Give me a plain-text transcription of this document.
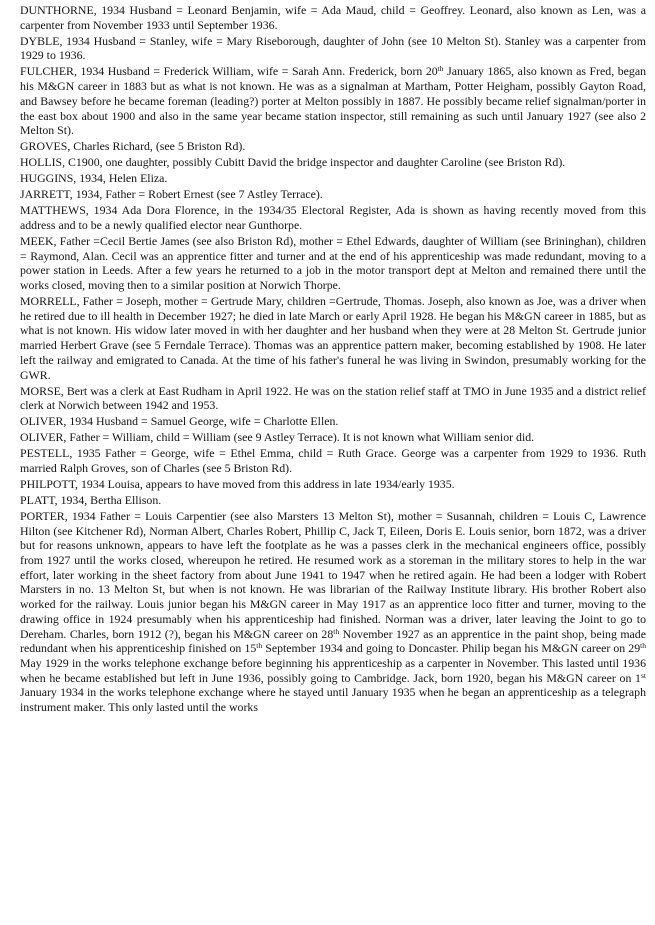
DUNTHORNE, 1934 Husband = Leonard Benjamin, wife = Ada Maud, child = Geoffrey. Leonard, also known as Len, was a carpenter from November 1933 until September 1936.

DYBLE, 1934 Husband = Stanley, wife = Mary Riseborough, daughter of John (see 10 Melton St). Stanley was a carpenter from 1929 to 1936.

FULCHER, 1934 Husband = Frederick William, wife = Sarah Ann. Frederick, born 20th January 1865, also known as Fred, began his M&GN career in 1883 but as what is not known. He was as a signalman at Martham, Potter Heigham, possibly Gayton Road, and Bawsey before he became foreman (leading?) porter at Melton possibly in 1887. He possibly became relief signalman/porter in the east box about 1900 and also in the same year became station inspector, still remaining as such until January 1927 (see also 2 Melton St).

GROVES, Charles Richard, (see 5 Briston Rd).

HOLLIS, C1900, one daughter, possibly Cubitt David the bridge inspector and daughter Caroline (see Briston Rd).

HUGGINS, 1934, Helen Eliza.

JARRETT, 1934, Father = Robert Ernest (see 7 Astley Terrace).

MATTHEWS, 1934 Ada Dora Florence, in the 1934/35 Electoral Register, Ada is shown as having recently moved from this address and to be a newly qualified elector near Gunthorpe.

MEEK, Father =Cecil Bertie James (see also Briston Rd), mother = Ethel Edwards, daughter of William (see Brininghan), children = Raymond, Alan. Cecil was an apprentice fitter and turner and at the end of his apprenticeship was made redundant, moving to a power station in Leeds. After a few years he returned to a job in the motor transport dept at Melton and remained there until the works closed, moving then to a similar position at Norwich Thorpe.

MORRELL, Father = Joseph, mother = Gertrude Mary, children =Gertrude, Thomas. Joseph, also known as Joe, was a driver when he retired due to ill health in December 1927; he died in late March or early April 1928. He began his M&GN career in 1885, but as what is not known. His widow later moved in with her daughter and her husband when they were at 28 Melton St. Gertrude junior married Herbert Grave (see 5 Ferndale Terrace). Thomas was an apprentice pattern maker, becoming established by 1908. He later left the railway and emigrated to Canada. At the time of his father's funeral he was living in Swindon, presumably working for the GWR.

MORSE, Bert was a clerk at East Rudham in April 1922. He was on the station relief staff at TMO in June 1935 and a district relief clerk at Norwich between 1942 and 1953.

OLIVER, 1934 Husband = Samuel George, wife = Charlotte Ellen.

OLIVER, Father = William, child = William (see 9 Astley Terrace). It is not known what William senior did.

PESTELL, 1935 Father = George, wife = Ethel Emma, child = Ruth Grace. George was a carpenter from 1929 to 1936. Ruth married Ralph Groves, son of Charles (see 5 Briston Rd).

PHILPOTT, 1934 Louisa, appears to have moved from this address in late 1934/early 1935.

PLATT, 1934, Bertha Ellison.

PORTER, 1934 Father = Louis Carpentier (see also Marsters 13 Melton St), mother = Susannah, children = Louis C, Lawrence Hilton (see Kitchener Rd), Norman Albert, Charles Robert, Phillip C, Jack T, Eileen, Doris E. Louis senior, born 1872, was a driver but for reasons unknown, appears to have left the footplate as he was a passes clerk in the mechanical engineers office, possibly from 1927 until the works closed, whereupon he retired. He resumed work as a storeman in the military stores to help in the war effort, later working in the sheet factory from about June 1941 to 1947 when he retired again. He had been a lodger with Robert Marsters in no. 13 Melton St, but when is not known. He was librarian of the Railway Institute library. His brother Robert also worked for the railway. Louis junior began his M&GN career in May 1917 as an apprentice loco fitter and turner, moving to the drawing office in 1924 presumably when his apprenticeship had finished. Norman was a driver, later leaving the Joint to go to Dereham. Charles, born 1912 (?), began his M&GN career on 28th November 1927 as an apprentice in the paint shop, being made redundant when his apprenticeship finished on 15th September 1934 and going to Doncaster. Philip began his M&GN career on 29th May 1929 in the works telephone exchange before beginning his apprenticeship as a carpenter in November. This lasted until 1936 when he became established but left in June 1936, possibly going to Cambridge. Jack, born 1920, began his M&GN career on 1st January 1934 in the works telephone exchange where he stayed until January 1935 when he began an apprenticeship as a telegraph instrument maker. This only lasted until the works
